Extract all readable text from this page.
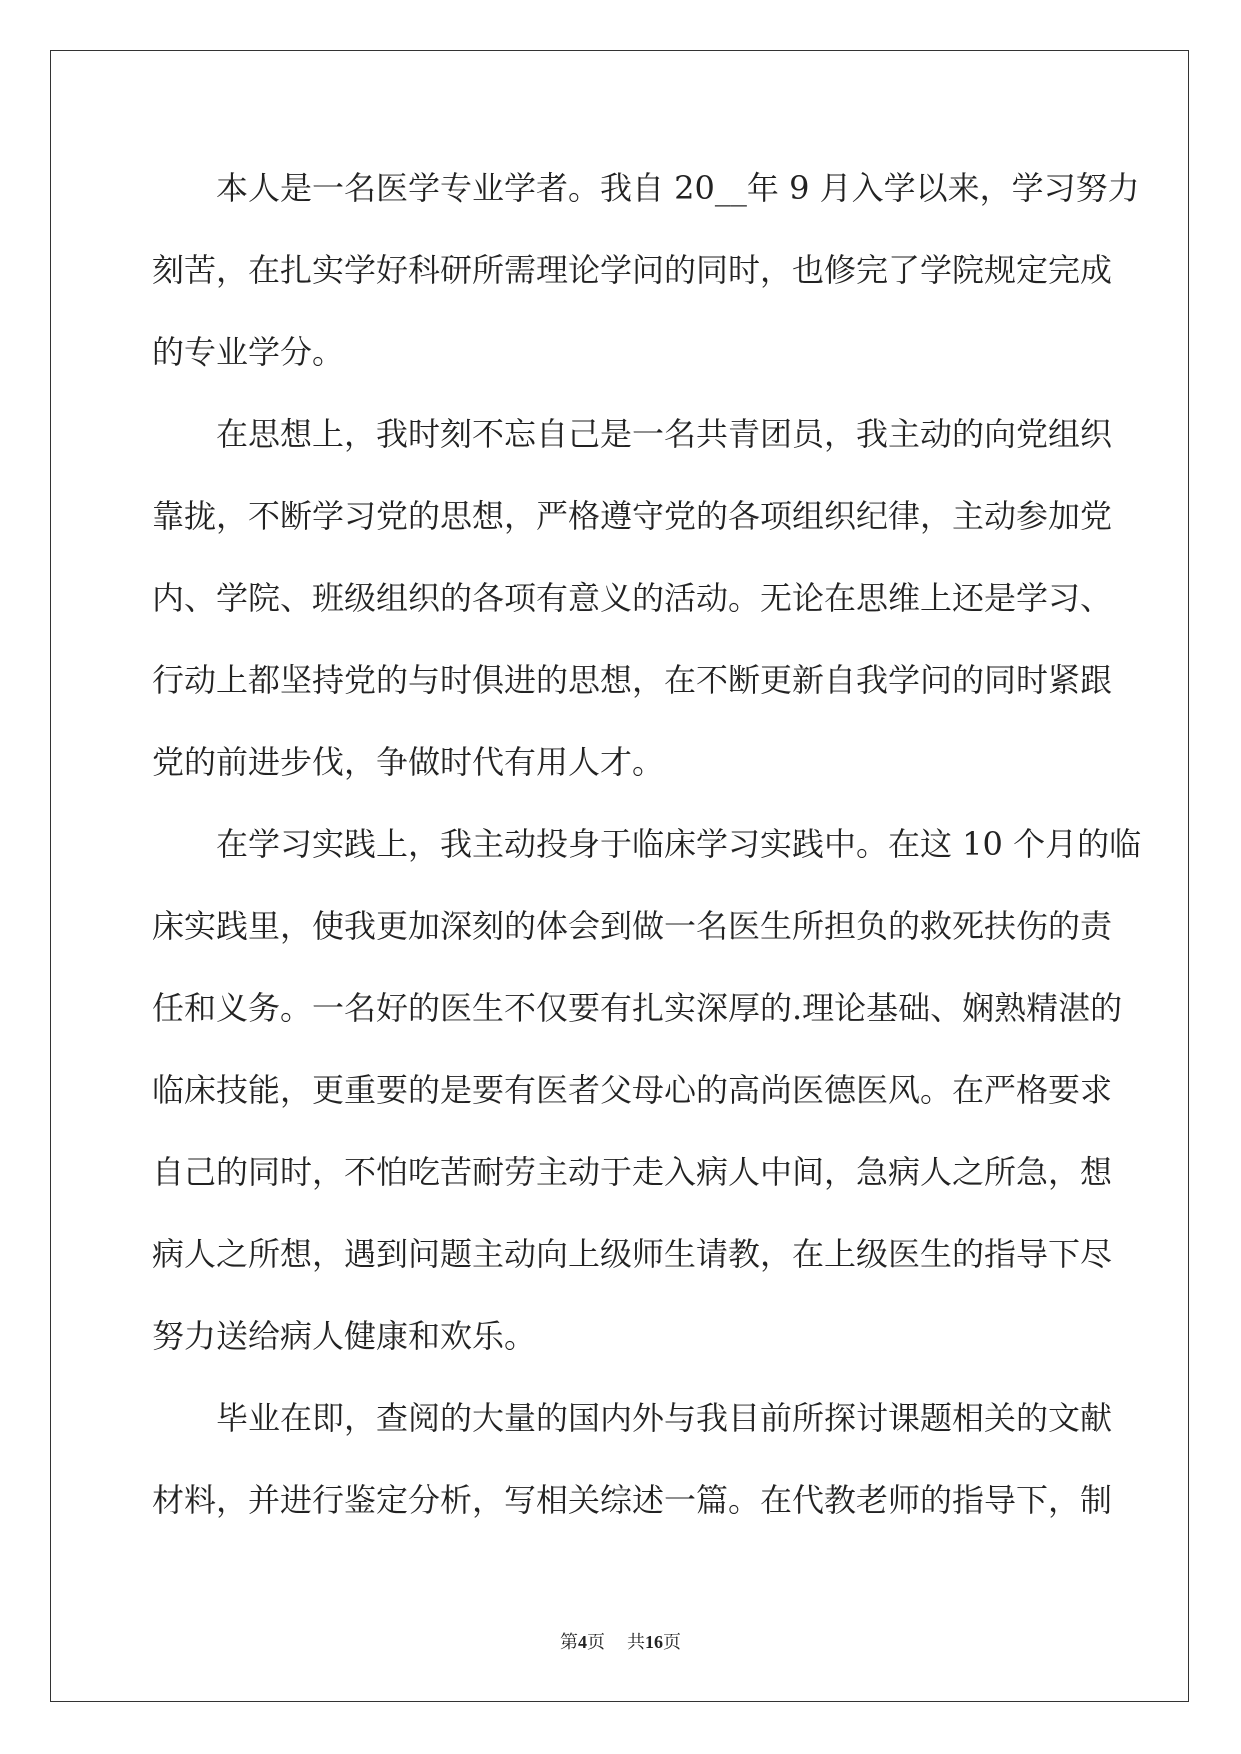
本人是一名医学专业学者。我自 20__年 9 月入学以来，学习努力
刻苦，在扎实学好科研所需理论学问的同时，也修完了学院规定完成
的专业学分。
在思想上，我时刻不忘自己是一名共青团员，我主动的向党组织
靠拢，不断学习党的思想，严格遵守党的各项组织纪律，主动参加党
内、学院、班级组织的各项有意义的活动。无论在思维上还是学习、
行动上都坚持党的与时俱进的思想，在不断更新自我学问的同时紧跟
党的前进步伐，争做时代有用人才。
在学习实践上，我主动投身于临床学习实践中。在这 10 个月的临
床实践里，使我更加深刻的体会到做一名医生所担负的救死扶伤的责
任和义务。一名好的医生不仅要有扎实深厚的.理论基础、娴熟精湛的
临床技能，更重要的是要有医者父母心的高尚医德医风。在严格要求
自己的同时，不怕吃苦耐劳主动于走入病人中间，急病人之所急，想
病人之所想，遇到问题主动向上级师生请教，在上级医生的指导下尽
努力送给病人健康和欢乐。
毕业在即，查阅的大量的国内外与我目前所探讨课题相关的文献
材料，并进行鉴定分析，写相关综述一篇。在代教老师的指导下，制
第4页 共16页
